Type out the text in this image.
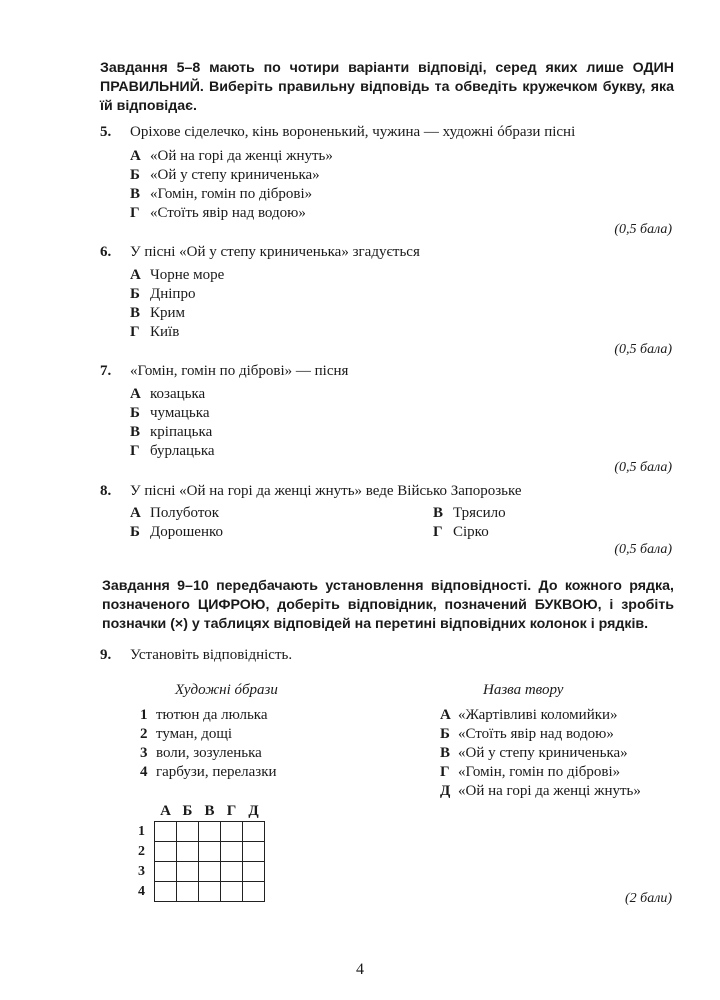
Завдання 5–8 мають по чотири варіанти відповіді, серед яких лише ОДИН

ПРАВИЛЬНИЙ. Виберіть правильну відповідь та обведіть кружечком букву, яка

їй відповідає.

5. Оріхове сіделечко, кінь вороненький, чужина — художні óбрази пісні
А «Ой на горі да женці жнуть»
Б «Ой у степу криниченька»
В «Гомін, гомін по діброві»
Г «Стоїть явір над водою»
(0,5 бала)
6. У пісні «Ой у степу криниченька» згадується
А Чорне море
Б Дніпро
В Крим
Г Київ
(0,5 бала)
7. «Гомін, гомін по діброві» — пісня
А козацька
Б чумацька
В кріпацька
Г бурлацька
(0,5 бала)
8. У пісні «Ой на горі да женці жнуть» веде Військо Запорозьке
А Полуботок
Б Дорошенко
В Трясило
Г Сірко
(0,5 бала)

Завдання 9–10 передбачають установлення відповідності. До кожного рядка,

позначеного ЦИФРОЮ, доберіть відповідник, позначений БУКВОЮ, і зробіть

позначки (×) у таблицях відповідей на перетині відповідних колонок і рядків.

9. Установіть відповідність.
Художні óбрази	Назва твору
1 тютюн да люлька
2 туман, дощі
3 воли, зозуленька
4 гарбузи, перелазки
А «Жартівливі коломийки»
Б «Стоїть явір над водою»
В «Ой у степу криниченька»
Г «Гомін, гомін по діброві»
Д «Ой на горі да женці жнуть»
	А	Б	В	Г	Д
1					
2					
3					
4						(2 бали)
4
